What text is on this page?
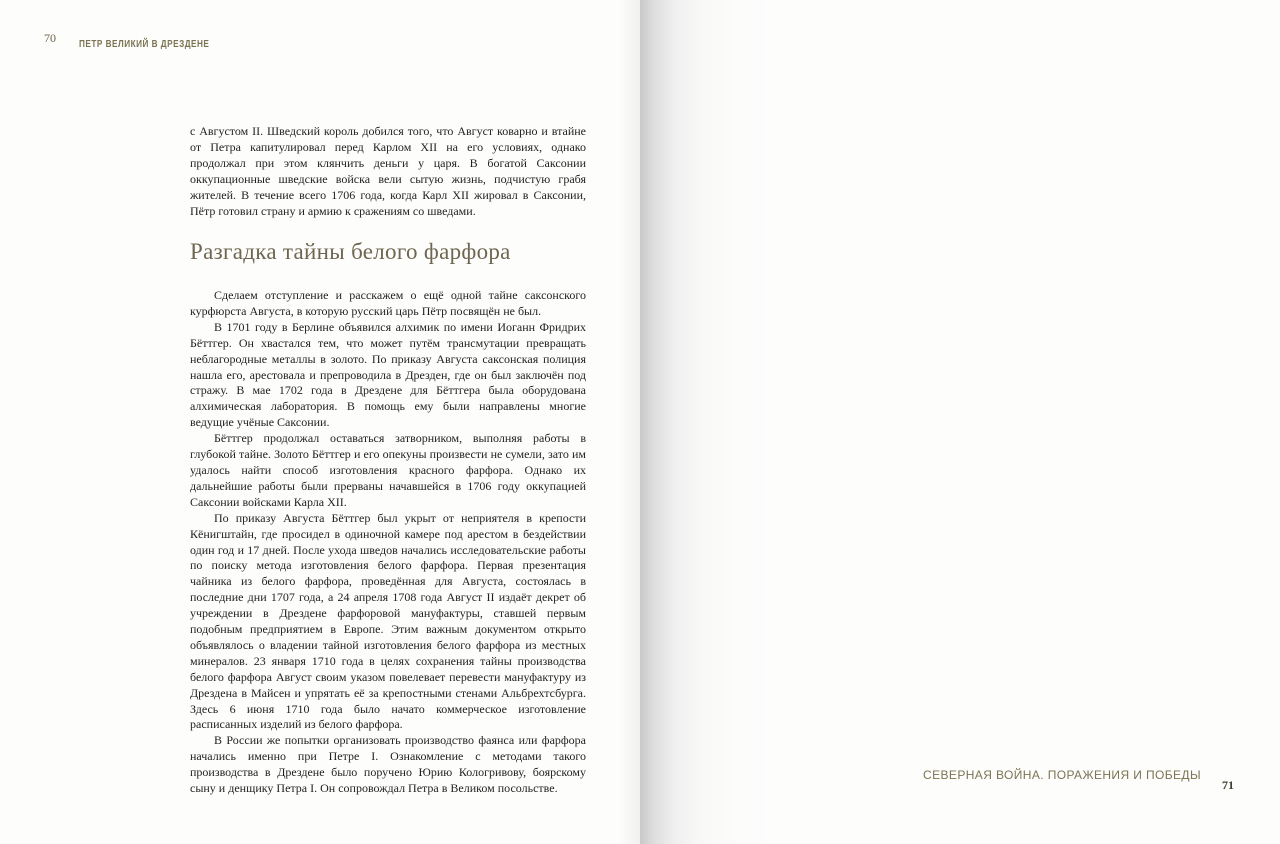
70 ПЕТР ВЕЛИКИЙ В ДРЕЗДЕНЕ

с Августом II. Шведский король добился того, что Август коварно и втайне от Петра капитулировал перед Карлом XII на его условиях, однако продолжал при этом клянчить деньги у царя. В богатой Саксонии оккупационные шведские войска вели сытую жизнь, подчистую грабя жителей. В течение всего 1706 года, когда Карл XII жировал в Саксонии, Пётр готовил страну и армию к сражениям со шведами.

Разгадка тайны белого фарфора

Сделаем отступление и расскажем о ещё одной тайне саксонского курфюрста Августа, в которую русский царь Пётр посвящён не был.

В 1701 году в Берлине объявился алхимик по имени Иоганн Фридрих Бёттгер. Он хвастался тем, что может путём трансмутации превращать неблагородные металлы в золото. По приказу Августа саксонская полиция нашла его, арестовала и препроводила в Дрезден, где он был заключён под стражу. В мае 1702 года в Дрездене для Бёттгера была оборудована алхимическая лаборатория. В помощь ему были направлены многие ведущие учёные Саксонии.

Бёттгер продолжал оставаться затворником, выполняя работы в глубокой тайне. Золото Бёттгер и его опекуны произвести не сумели, зато им удалось найти способ изготовления красного фарфора. Однако их дальнейшие работы были прерваны начавшейся в 1706 году оккупацией Саксонии войсками Карла XII.

По приказу Августа Бёттгер был укрыт от неприятеля в крепости Кёнигштайн, где просидел в одиночной камере под арестом в бездействии один год и 17 дней. После ухода шведов начались исследовательские работы по поиску метода изготовления белого фарфора. Первая презентация чайника из белого фарфора, проведённая для Августа, состоялась в последние дни 1707 года, а 24 апреля 1708 года Август II издаёт декрет об учреждении в Дрездене фарфоровой мануфактуры, ставшей первым подобным предприятием в Европе. Этим важным документом открыто объявлялось о владении тайной изготовления белого фарфора из местных минералов. 23 января 1710 года в целях сохранения тайны производства белого фарфора Август своим указом повелевает перевести мануфактуру из Дрездена в Майсен и упрятать её за крепостными стенами Альбрехтсбурга. Здесь 6 июня 1710 года было начато коммерческое изготовление расписанных изделий из белого фарфора.

В России же попытки организовать производство фаянса или фарфора начались именно при Петре I. Ознакомление с методами такого производства в Дрездене было поручено Юрию Кологривову, боярскому сыну и денщику Петра I. Он сопровождал Петра в Великом посольстве.

СЕВЕРНАЯ ВОЙНА. ПОРАЖЕНИЯ И ПОБЕДЫ
71
